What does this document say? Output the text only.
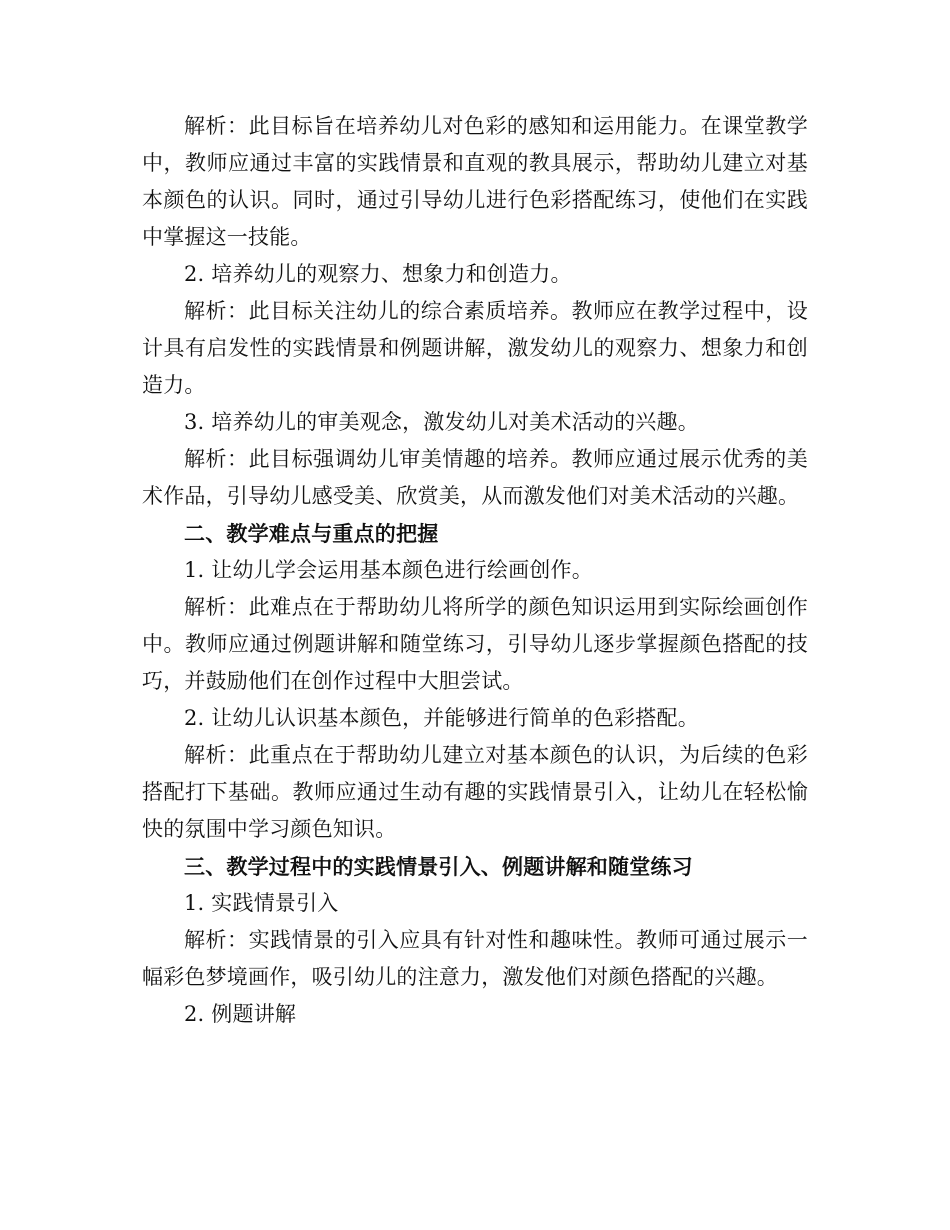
解析：此目标旨在培养幼儿对色彩的感知和运用能力。在课堂教学中，教师应通过丰富的实践情景和直观的教具展示，帮助幼儿建立对基本颜色的认识。同时，通过引导幼儿进行色彩搭配练习，使他们在实践中掌握这一技能。

2. 培养幼儿的观察力、想象力和创造力。

解析：此目标关注幼儿的综合素质培养。教师应在教学过程中，设计具有启发性的实践情景和例题讲解，激发幼儿的观察力、想象力和创造力。

3. 培养幼儿的审美观念，激发幼儿对美术活动的兴趣。

解析：此目标强调幼儿审美情趣的培养。教师应通过展示优秀的美术作品，引导幼儿感受美、欣赏美，从而激发他们对美术活动的兴趣。

二、教学难点与重点的把握

1. 让幼儿学会运用基本颜色进行绘画创作。

解析：此难点在于帮助幼儿将所学的颜色知识运用到实际绘画创作中。教师应通过例题讲解和随堂练习，引导幼儿逐步掌握颜色搭配的技巧，并鼓励他们在创作过程中大胆尝试。

2. 让幼儿认识基本颜色，并能够进行简单的色彩搭配。

解析：此重点在于帮助幼儿建立对基本颜色的认识，为后续的色彩搭配打下基础。教师应通过生动有趣的实践情景引入，让幼儿在轻松愉快的氛围中学习颜色知识。

三、教学过程中的实践情景引入、例题讲解和随堂练习

1. 实践情景引入

解析：实践情景的引入应具有针对性和趣味性。教师可通过展示一幅彩色梦境画作，吸引幼儿的注意力，激发他们对颜色搭配的兴趣。

2. 例题讲解
